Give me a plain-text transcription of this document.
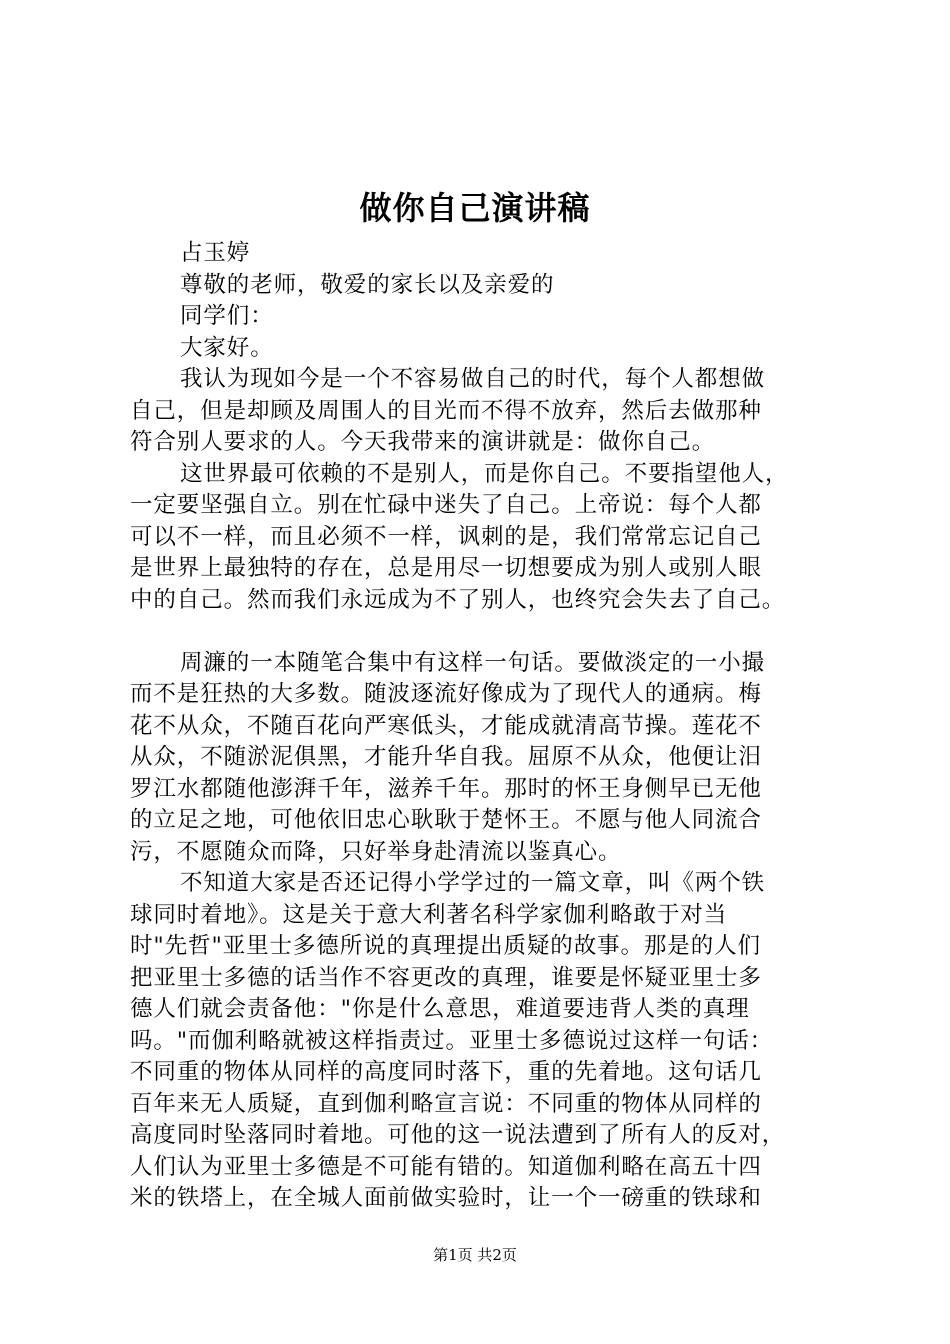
做你自己演讲稿
占玉婷
尊敬的老师，敬爱的家长以及亲爱的
同学们：
大家好。
我认为现如今是一个不容易做自己的时代，每个人都想做
自己，但是却顾及周围人的目光而不得不放弃，然后去做那种
符合别人要求的人。今天我带来的演讲就是：做你自己。
这世界最可依赖的不是别人，而是你自己。不要指望他人，
一定要坚强自立。别在忙碌中迷失了自己。上帝说：每个人都
可以不一样，而且必须不一样，讽刺的是，我们常常忘记自己
是世界上最独特的存在，总是用尽一切想要成为别人或别人眼
中的自己。然而我们永远成为不了别人，也终究会失去了自己。
周濂的一本随笔合集中有这样一句话。要做淡定的一小撮
而不是狂热的大多数。随波逐流好像成为了现代人的通病。梅
花不从众，不随百花向严寒低头，才能成就清高节操。莲花不
从众，不随淤泥俱黑，才能升华自我。屈原不从众，他便让汨
罗江水都随他澎湃千年，滋养千年。那时的怀王身侧早已无他
的立足之地，可他依旧忠心耿耿于楚怀王。不愿与他人同流合
污，不愿随众而降，只好举身赴清流以鉴真心。
不知道大家是否还记得小学学过的一篇文章，叫《两个铁
球同时着地》。这是关于意大利著名科学家伽利略敢于对当
时"先哲"亚里士多德所说的真理提出质疑的故事。那是的人们
把亚里士多德的话当作不容更改的真理，谁要是怀疑亚里士多
德人们就会责备他："你是什么意思，难道要违背人类的真理
吗。"而伽利略就被这样指责过。亚里士多德说过这样一句话：
不同重的物体从同样的高度同时落下，重的先着地。这句话几
百年来无人质疑，直到伽利略宣言说：不同重的物体从同样的
高度同时坠落同时着地。可他的这一说法遭到了所有人的反对，
人们认为亚里士多德是不可能有错的。知道伽利略在高五十四
米的铁塔上，在全城人面前做实验时，让一个一磅重的铁球和
第1页 共2页
